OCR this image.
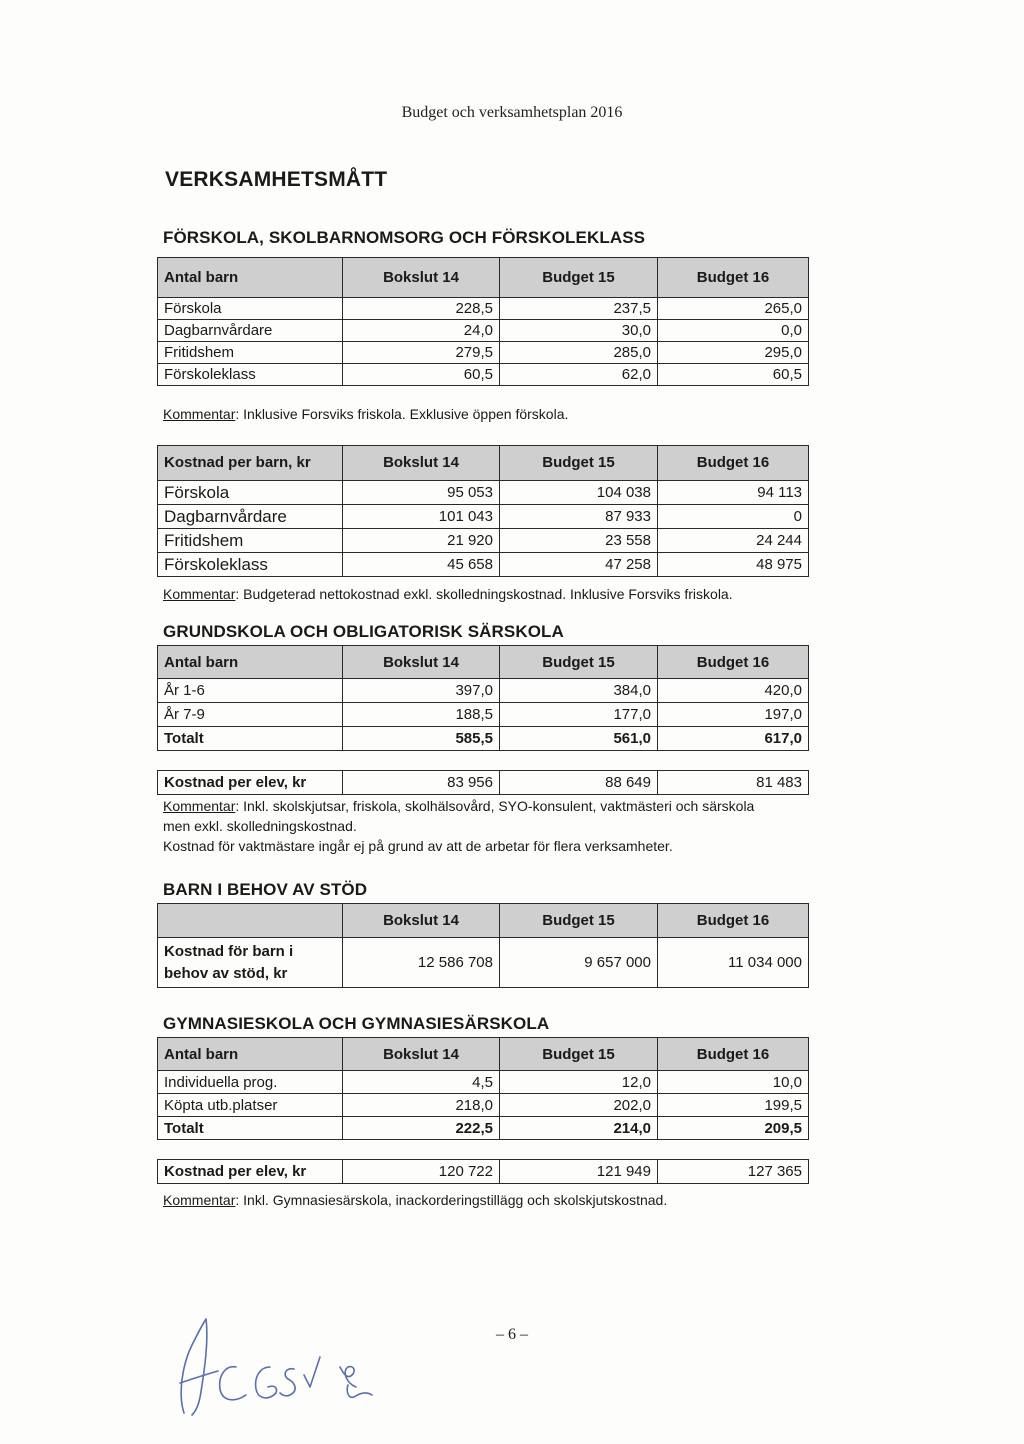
Budget och verksamhetsplan 2016
VERKSAMHETSMÅTT
FÖRSKOLA, SKOLBARNOMSORG OCH FÖRSKOLEKLASS
Antal barn	Bokslut 14	Budget 15	Budget 16
Förskola	228,5	237,5	265,0
Dagbarnvårdare	24,0	30,0	0,0
Fritidshem	279,5	285,0	295,0
Förskoleklass	60,5	62,0	60,5
Kommentar: Inklusive Forsviks friskola. Exklusive öppen förskola.
Kostnad per barn, kr	Bokslut 14	Budget 15	Budget 16
Förskola	95 053	104 038	94 113
Dagbarnvårdare	101 043	87 933	0
Fritidshem	21 920	23 558	24 244
Förskoleklass	45 658	47 258	48 975
Kommentar: Budgeterad nettokostnad exkl. skolledningskostnad. Inklusive Forsviks friskola.
GRUNDSKOLA OCH OBLIGATORISK SÄRSKOLA
Antal barn	Bokslut 14	Budget 15	Budget 16
År 1-6	397,0	384,0	420,0
År 7-9	188,5	177,0	197,0
Totalt	585,5	561,0	617,0
Kostnad per elev, kr	83 956	88 649	81 483
Kommentar: Inkl. skolskjutsar, friskola, skolhälsovård, SYO-konsulent, vaktmästeri och särskola
men exkl. skolledningskostnad.
Kostnad för vaktmästare ingår ej på grund av att de arbetar för flera verksamheter.
BARN I BEHOV AV STÖD
	Bokslut 14	Budget 15	Budget 16

Kostnad för barn i
behov av stöd, kr	12 586 708	9 657 000	11 034 000
GYMNASIESKOLA OCH GYMNASIESÄRSKOLA
Antal barn	Bokslut 14	Budget 15	Budget 16
Individuella prog.	4,5	12,0	10,0
Köpta utb.platser	218,0	202,0	199,5
Totalt	222,5	214,0	209,5
Kostnad per elev, kr	120 722	121 949	127 365
Kommentar: Inkl. Gymnasiesärskola, inackorderingstillägg och skolskjutskostnad.
– 6 –
